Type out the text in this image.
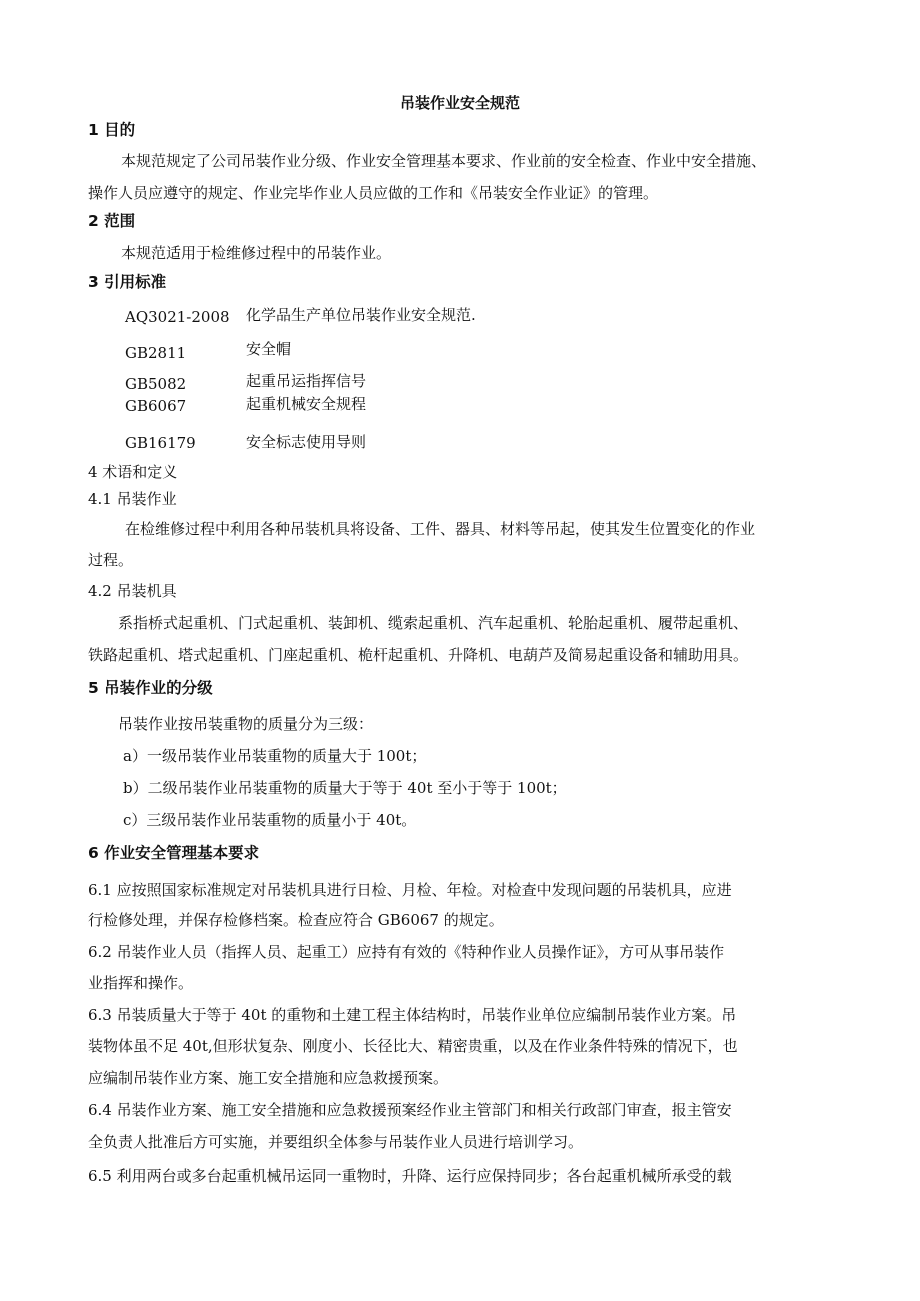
吊装作业安全规范
1 目的
本规范规定了公司吊装作业分级、作业安全管理基本要求、作业前的安全检查、作业中安全措施、
操作人员应遵守的规定、作业完毕作业人员应做的工作和《吊装安全作业证》的管理。
2 范围
本规范适用于检维修过程中的吊装作业。
3 引用标准
AQ3021-2008 化学品生产单位吊装作业安全规范.
GB2811	安全帽
GB5082	起重吊运指挥信号
GB6067	起重机械安全规程
GB16179	安全标志使用导则
4 术语和定义
4.1 吊装作业
在检维修过程中利用各种吊装机具将设备、工件、器具、材料等吊起，使其发生位置变化的作业
过程。
4.2 吊装机具
系指桥式起重机、门式起重机、装卸机、缆索起重机、汽车起重机、轮胎起重机、履带起重机、
铁路起重机、塔式起重机、门座起重机、桅杆起重机、升降机、电葫芦及简易起重设备和辅助用具。
5 吊装作业的分级
吊装作业按吊装重物的质量分为三级：
a）一级吊装作业吊装重物的质量大于 100t；
b）二级吊装作业吊装重物的质量大于等于 40t 至小于等于 100t；
c）三级吊装作业吊装重物的质量小于 40t。
6 作业安全管理基本要求
6.1 应按照国家标准规定对吊装机具进行日检、月检、年检。对检查中发现问题的吊装机具，应进
行检修处理，并保存检修档案。检查应符合 GB6067 的规定。
6.2 吊装作业人员（指挥人员、起重工）应持有有效的《特种作业人员操作证》，方可从事吊装作
业指挥和操作。
6.3 吊装质量大于等于 40t 的重物和土建工程主体结构时，吊装作业单位应编制吊装作业方案。吊
装物体虽不足 40t,但形状复杂、刚度小、长径比大、精密贵重，以及在作业条件特殊的情况下，也
应编制吊装作业方案、施工安全措施和应急救援预案。
6.4 吊装作业方案、施工安全措施和应急救援预案经作业主管部门和相关行政部门审查，报主管安
全负责人批准后方可实施，并要组织全体参与吊装作业人员进行培训学习。
6.5 利用两台或多台起重机械吊运同一重物时，升降、运行应保持同步；各台起重机械所承受的载
